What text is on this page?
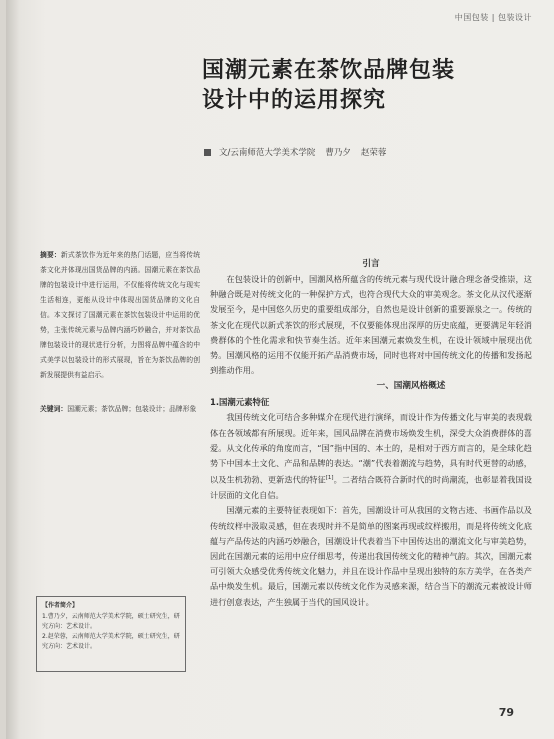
中国包装 | 包装设计
国潮元素在茶饮品牌包装
设计中的运用探究
文/云南师范大学美术学院 曹乃夕 赵荣蓉
摘要：新式茶饮作为近年来的热门话题，应当将传统茶文化并体现出国货品牌的内涵。国潮元素在茶饮品牌的包装设计中进行运用，不仅能将传统文化与现实生活相连，更能从设计中体现出国货品牌的文化自信。本文探讨了国潮元素在茶饮包装设计中运用的优势，主张传统元素与品牌内涵巧妙融合，并对茶饮品牌包装设计的现状进行分析，力图将品牌中蕴含的中式美学以包装设计的形式展现，旨在为茶饮品牌的创新发展提供有益启示。
关键词：国潮元素；茶饮品牌；包装设计；品牌形象
【作者简介】
1.曹乃夕，云南师范大学美术学院，硕士研究生，研究方向：艺术设计。
2.赵荣蓉，云南师范大学美术学院，硕士研究生，研究方向：艺术设计。
引言

在包装设计的创新中，国潮风格所蕴含的传统元素与现代设计融合理念备受推崇，这种融合既是对传统文化的一种保护方式，也符合现代大众的审美观念。茶文化从汉代逐渐发展至今，是中国悠久历史的重要组成部分，自然也是设计创新的重要源泉之一。传统的茶文化在现代以新式茶饮的形式展现，不仅要能体现出深厚的历史底蕴，更要满足年轻消费群体的个性化需求和快节奏生活。近年来国潮元素焕发生机，在设计领域中展现出优势。国潮风格的运用不仅能开拓产品消费市场，同时也将对中国传统文化的传播和发扬起到推动作用。

一、国潮风格概述
1.国潮元素特征

我国传统文化可结合多种媒介在现代进行演绎，而设计作为传播文化与审美的表现载体在各领域都有所展现。近年来，国风品牌在消费市场焕发生机，深受大众消费群体的喜爱。从文化传承的角度而言，“国”指中国的、本土的，是相对于西方而言的，是全球化趋势下中国本土文化、产品和品牌的表达。“潮”代表着潮流与趋势，具有时代更替的动感，以及生机勃勃、更新迭代的特征[1]。二者结合既符合新时代的时尚潮流，也彰显着我国设计层面的文化自信。

国潮元素的主要特征表现如下：首先，国潮设计可从我国的文物古迹、书画作品以及传统纹样中汲取灵感，但在表现时并不是简单的图案再现或纹样搬用，而是将传统文化底蕴与产品传达的内涵巧妙融合，国潮设计代表着当下中国传达出的潮流文化与审美趋势，因此在国潮元素的运用中应仔细思考，传递出我国传统文化的精神气韵。其次，国潮元素可引领大众感受优秀传统文化魅力，并且在设计作品中呈现出独特的东方美学，在各类产品中焕发生机。最后，国潮元素以传统文化作为灵感来源，结合当下的潮流元素被设计师进行创意表达，产生独属于当代的国风设计。

79
